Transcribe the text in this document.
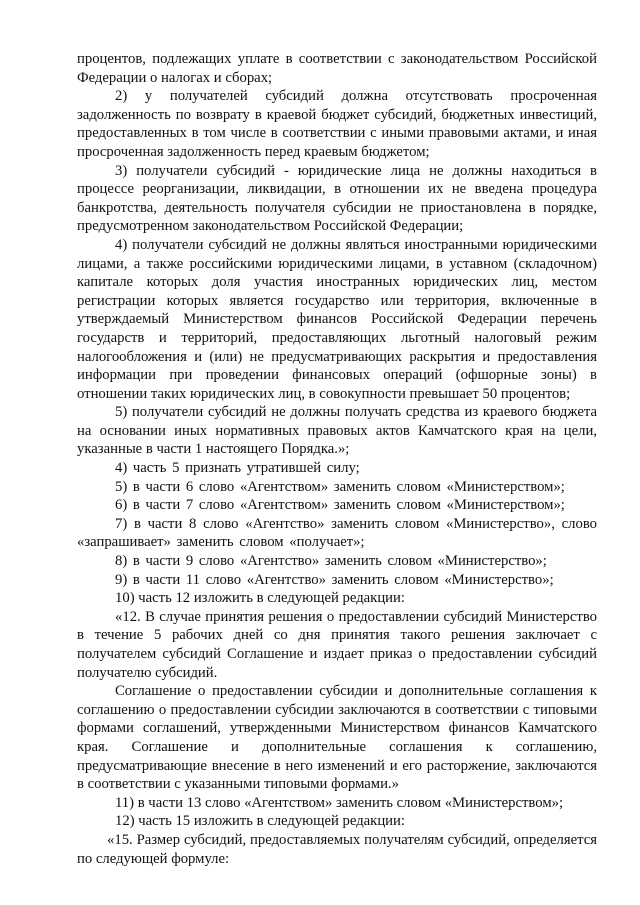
процентов, подлежащих уплате в соответствии с законодательством Российской Федерации о налогах и сборах;

2) у получателей субсидий должна отсутствовать просроченная задолженность по возврату в краевой бюджет субсидий, бюджетных инвестиций, предоставленных в том числе в соответствии с иными правовыми актами, и иная просроченная задолженность перед краевым бюджетом;

3) получатели субсидий - юридические лица не должны находиться в процессе реорганизации, ликвидации, в отношении их не введена процедура банкротства, деятельность получателя субсидии не приостановлена в порядке, предусмотренном законодательством Российской Федерации;

4) получатели субсидий не должны являться иностранными юридическими лицами, а также российскими юридическими лицами, в уставном (складочном) капитале которых доля участия иностранных юридических лиц, местом регистрации которых является государство или территория, включенные в утверждаемый Министерством финансов Российской Федерации перечень государств и территорий, предоставляющих льготный налоговый режим налогообложения и (или) не предусматривающих раскрытия и предоставления информации при проведении финансовых операций (офшорные зоны) в отношении таких юридических лиц, в совокупности превышает 50 процентов;

5) получатели субсидий не должны получать средства из краевого бюджета на основании иных нормативных правовых актов Камчатского края на цели, указанные в части 1 настоящего Порядка.»;

4) часть 5 признать утратившей силу;

5) в части 6 слово «Агентством» заменить словом «Министерством»;

6) в части 7 слово «Агентством» заменить словом «Министерством»;

7) в части 8 слово «Агентство» заменить словом «Министерство», слово «запрашивает» заменить словом «получает»;

8) в части 9 слово «Агентство» заменить словом «Министерство»;

9) в части 11 слово «Агентство» заменить словом «Министерство»;

10) часть 12 изложить в следующей редакции:

«12. В случае принятия решения о предоставлении субсидий Министерство в течение 5 рабочих дней со дня принятия такого решения заключает с получателем субсидий Соглашение и издает приказ о предоставлении субсидий получателю субсидий.

Соглашение о предоставлении субсидии и дополнительные соглашения к соглашению о предоставлении субсидии заключаются в соответствии с типовыми формами соглашений, утвержденными Министерством финансов Камчатского края. Соглашение и дополнительные соглашения к соглашению, предусматривающие внесение в него изменений и его расторжение, заключаются в соответствии с указанными типовыми формами.»

11) в части 13 слово «Агентством» заменить словом «Министерством»;

12) часть 15 изложить в следующей редакции:

«15. Размер субсидий, предоставляемых получателям субсидий, определяется по следующей формуле:
